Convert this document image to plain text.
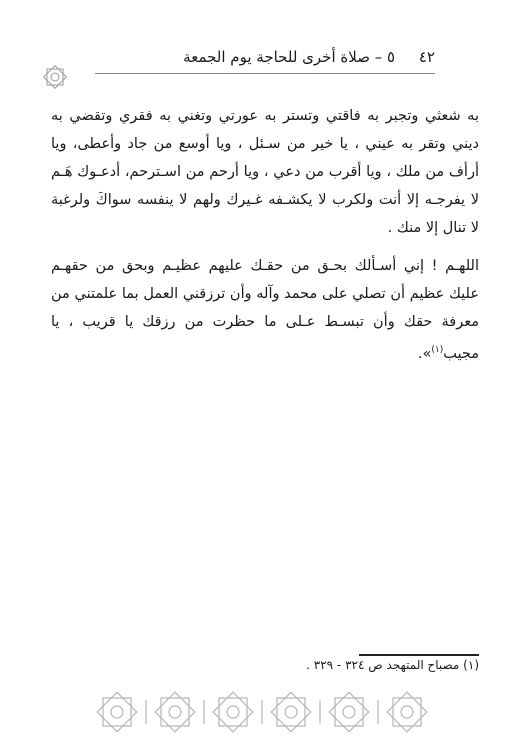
٤٢     ٥ – صلاة أخرى للحاجة يوم الجمعة
به شعثي وتجبر به فاقتي وتستر به عورتي وتغني به فقري وتقضي به ديني وتقر به عيني ، يا خير من سـئل ، ويا أوسع من جاد وأعطى، ويا أرأف من ملك ، ويا أقرب من دعي ، ويا أرحم من اسـترحم، أدعـوك هَـم لا يفرجـه إلا أنت ولكرب لا يكشـفه غـيرك ولهم لا ينفسه سواكَ ولرغبة لا تنال إلا منك .
اللهـم ! إني أسـألك بحـق من حقـك عليهم عظيـم وبحق من حقهـم عليك عظيم أن تصلي على محمد وآله وأن ترزقني العمل بما علمتني من معرفة حقك وأن تبسـط عـلى ما حظرت من رزقك يا قريب ، يا مجيب$^{(١)}$».
(١) مصباح المتهجد ص ٣٢٤ - ٣٢٩ .
